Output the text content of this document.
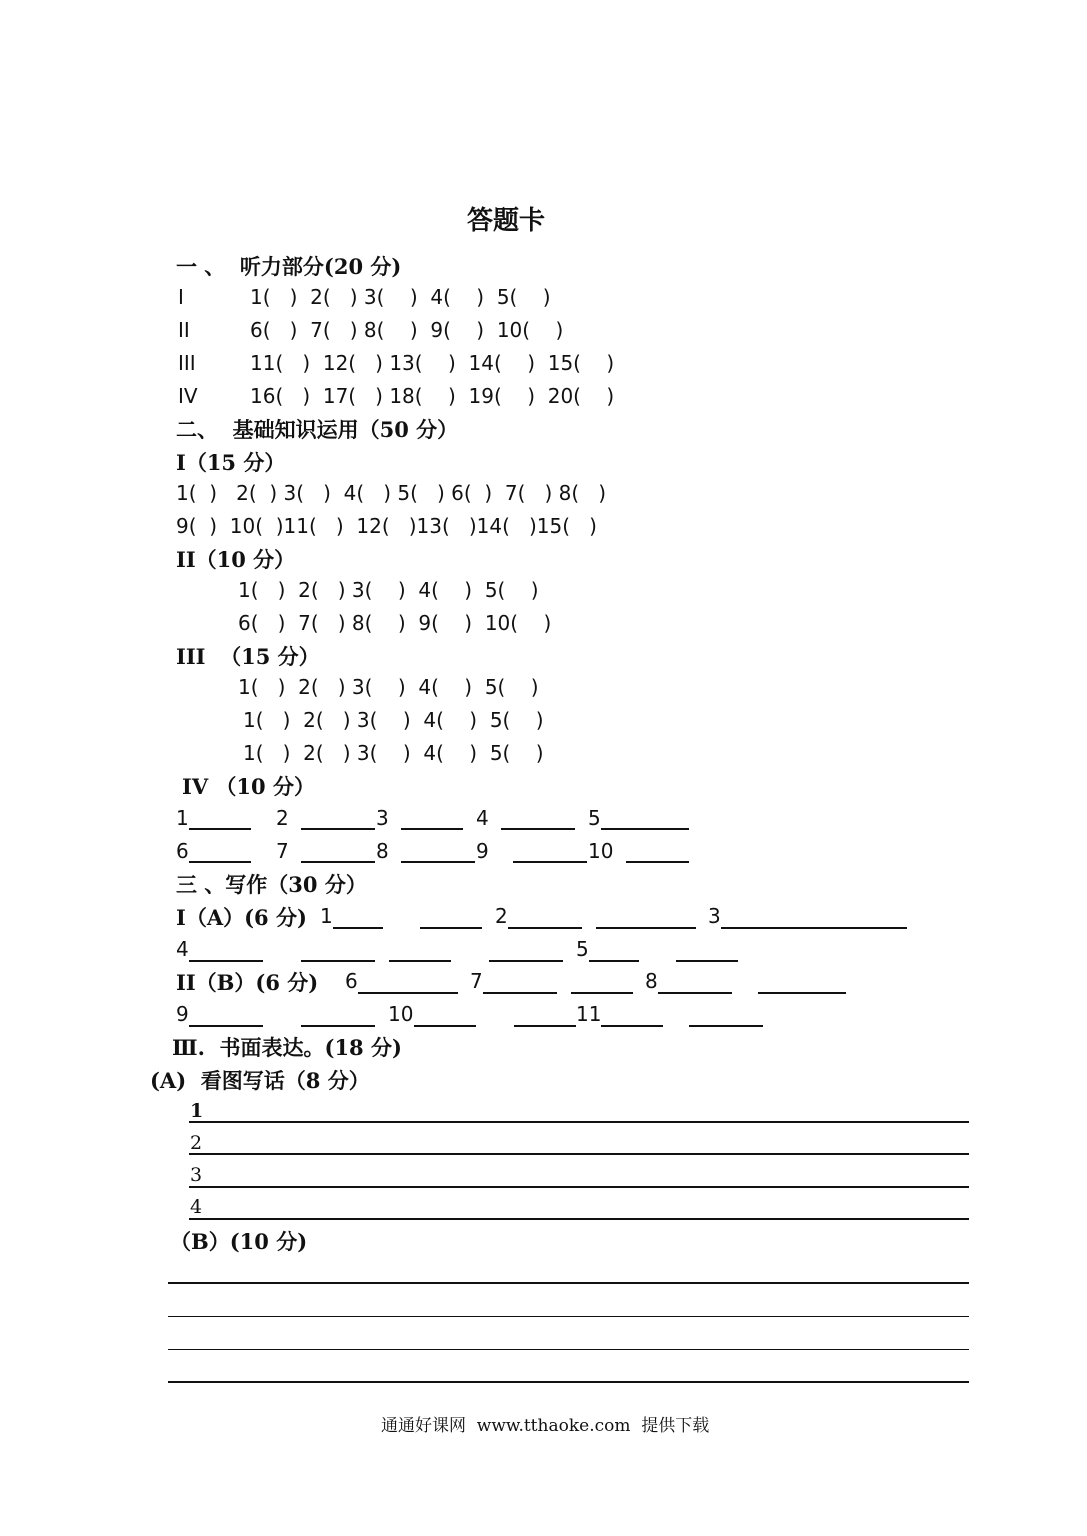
答题卡
一 、  听力部分(20 分)
I	1(   )  2(   ) 3(    )  4(    )  5(    )
II	6(   )  7(   ) 8(    )  9(    )  10(    )
III	11(   )  12(   ) 13(    )  14(    )  15(    )
IV	16(   )  17(   ) 18(    )  19(    )  20(    )
二、  基础知识运用（50 分）
I（15 分）
1(  )   2(  ) 3(   )  4(   ) 5(   ) 6(  )  7(   ) 8(   )
9(  )  10(  )11(   )  12(   )13(   )14(   )15(   )
II（10 分）
1(   )  2(   ) 3(    )  4(    )  5(    )
6(   )  7(   ) 8(    )  9(    )  10(    )
III  （15 分）
1(   )  2(   ) 3(    )  4(    )  5(    )
1(   )  2(   ) 3(    )  4(    )  5(    )
1(   )  2(   ) 3(    )  4(    )  5(    )
IV （10 分）
1	2	3	4	5
6	7	8	9	10
三 、写作（30 分）
I（A）(6 分) 1	2	3
4	5
II（B）(6 分) 6	7	8
9	10	11
Ⅲ.  书面表达。(18 分)
(A)  看图写话（8 分）
1
2
3
4
（B）(10 分)
通通好课网  www.tthaoke.com  提供下载
